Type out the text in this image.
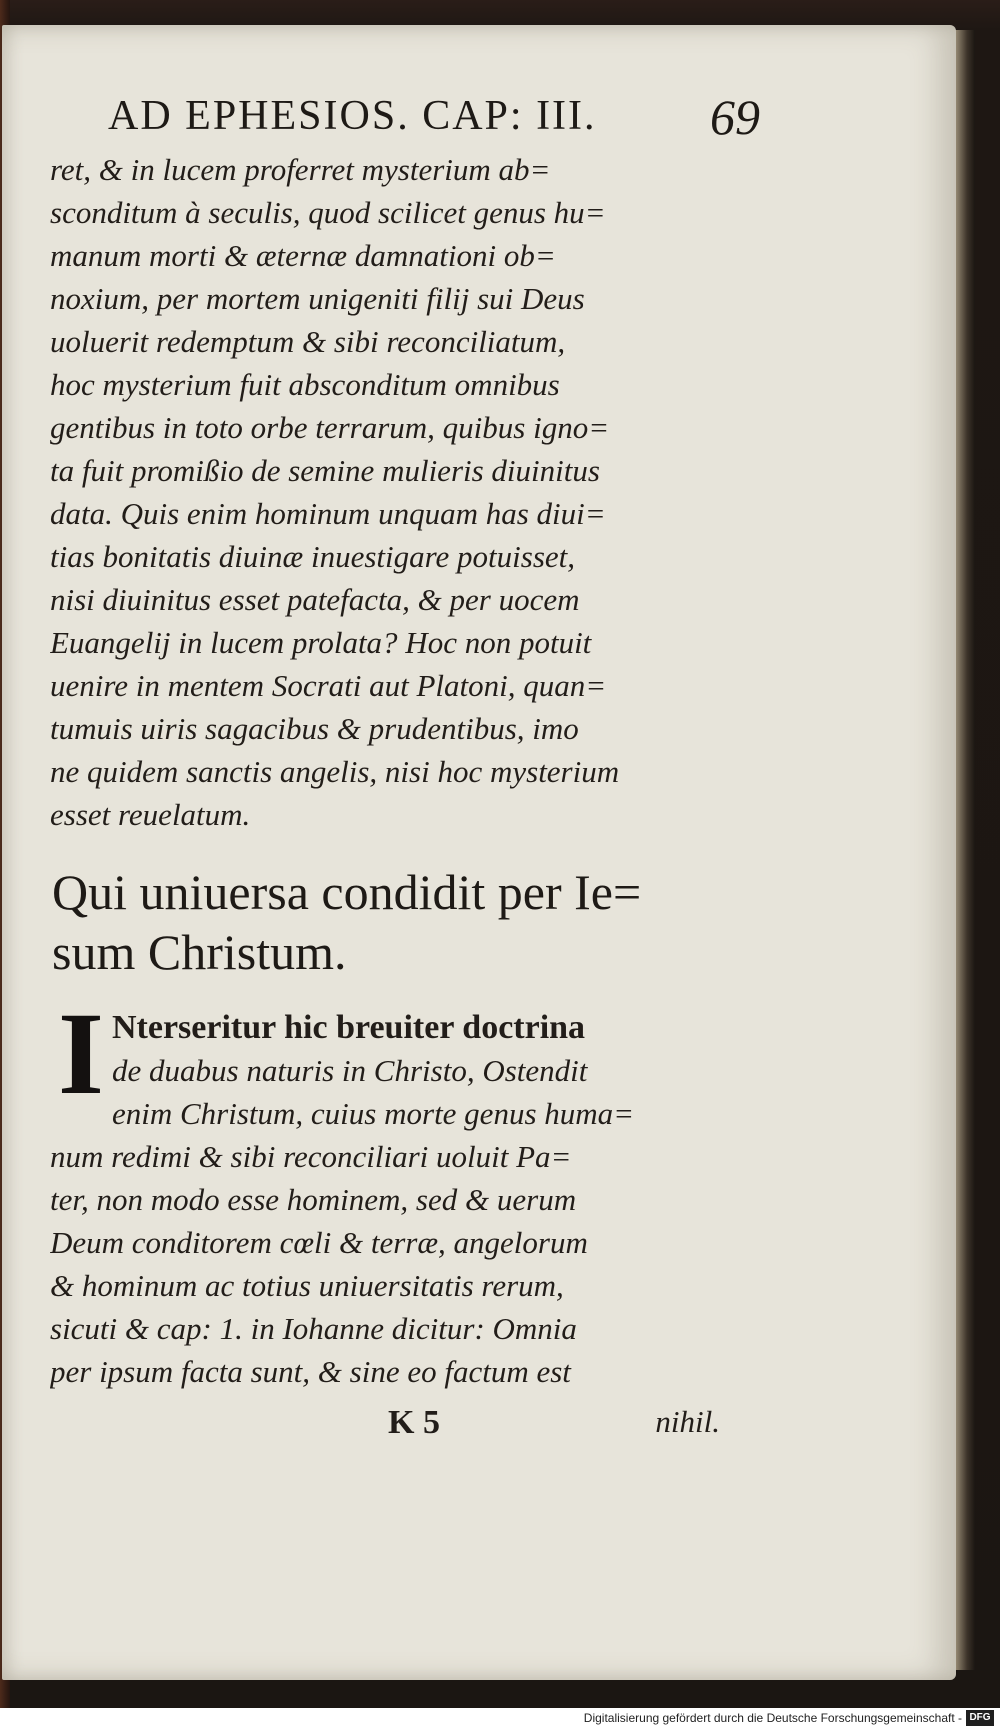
AD EPHESIOS. CAP: III.	69
ret, & in lucem proferret mysterium ab=
sconditum à seculis, quod scilicet genus hu=
manum morti & æternæ damnationi ob=
noxium, per mortem unigeniti filij sui Deus
uoluerit redemptum & sibi reconciliatum,
hoc mysterium fuit absconditum omnibus
gentibus in toto orbe terrarum, quibus igno=
ta fuit promißio de semine mulieris diuinitus
data. Quis enim hominum unquam has diui=
tias bonitatis diuinæ inuestigare potuisset,
nisi diuinitus esset patefacta, & per uocem
Euangelij in lucem prolata? Hoc non potuit
uenire in mentem Socrati aut Platoni, quan=
tumuis uiris sagacibus & prudentibus, imo
ne quidem sanctis angelis, nisi hoc mysterium
esset reuelatum.
Qui uniuersa condidit per Ie=
sum Christum.
I Nterseritur hic breuiter doctrina
de duabus naturis in Christo, Ostendit
enim Christum, cuius morte genus huma=
num redimi & sibi reconciliari uoluit Pa=
ter, non modo esse hominem, sed & uerum
Deum conditorem cœli & terræ, angelorum
& hominum ac totius uniuersitatis rerum,
sicuti & cap: 1. in Iohanne dicitur: Omnia
per ipsum facta sunt, & sine eo factum est
K 5	nihil.
Digitalisierung gefördert durch die Deutsche Forschungsgemeinschaft - DFG
